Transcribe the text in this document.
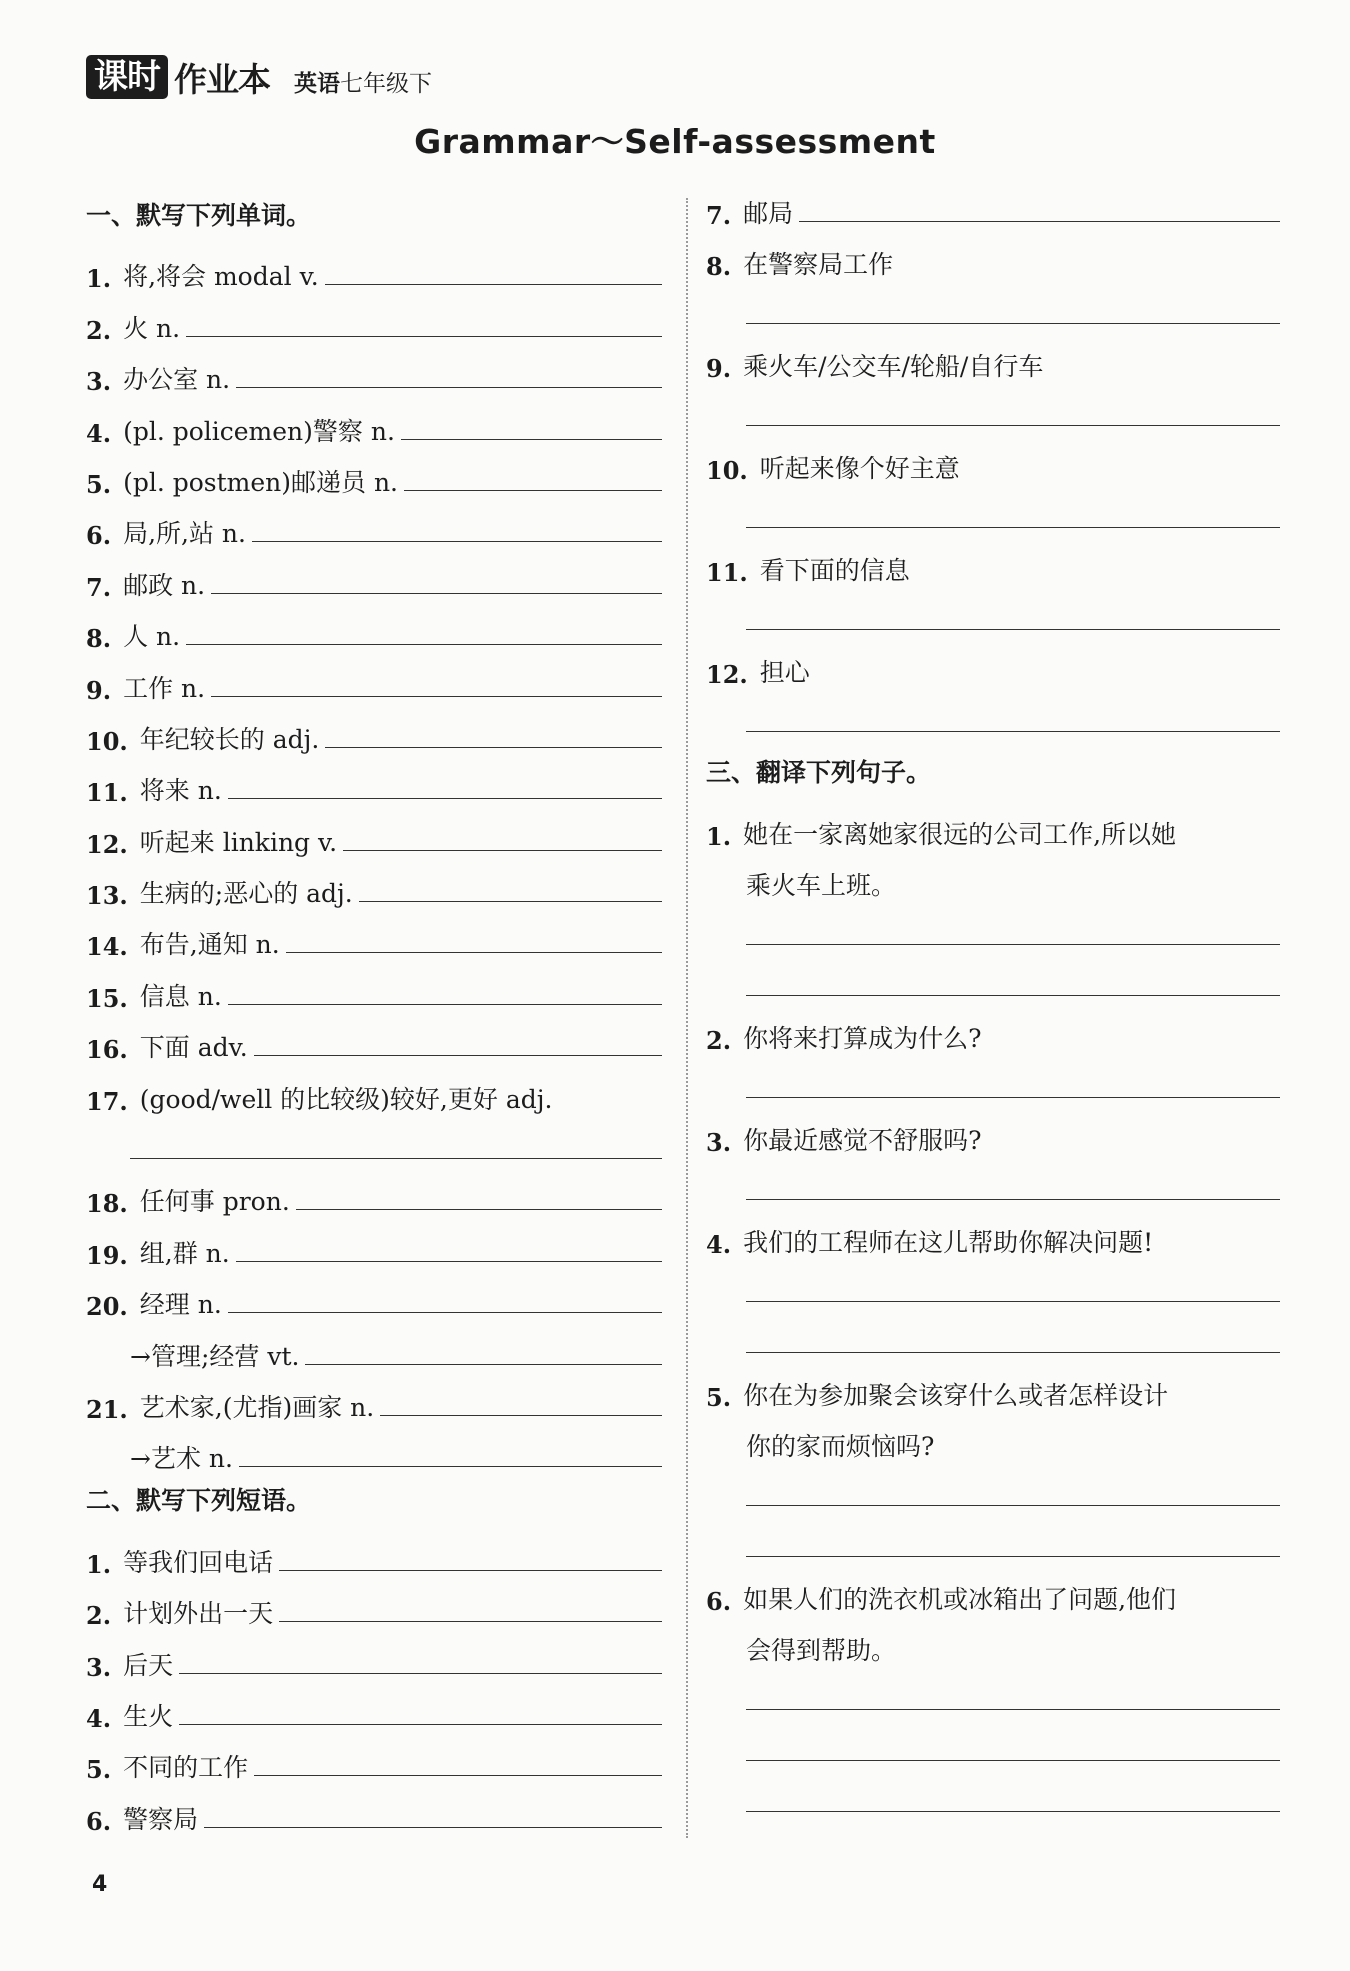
课时 作业本 英语七年级下
Grammar～Self-assessment
一、默写下列单词。
1. 将,将会 modal v.
2. 火 n.
3. 办公室 n.
4. (pl. policemen)警察 n.
5. (pl. postmen)邮递员 n.
6. 局,所,站 n.
7. 邮政 n.
8. 人 n.
9. 工作 n.
10. 年纪较长的 adj.
11. 将来 n.
12. 听起来 linking v.
13. 生病的;恶心的 adj.
14. 布告,通知 n.
15. 信息 n.
16. 下面 adv.
17. (good/well 的比较级)较好,更好 adj.
18. 任何事 pron.
19. 组,群 n.
20. 经理 n.
→管理;经营 vt.
21. 艺术家,(尤指)画家 n.
→艺术 n.
二、默写下列短语。
1. 等我们回电话
2. 计划外出一天
3. 后天
4. 生火
5. 不同的工作
6. 警察局
7. 邮局
8. 在警察局工作
9. 乘火车/公交车/轮船/自行车
10. 听起来像个好主意
11. 看下面的信息
12. 担心
三、翻译下列句子。
1. 她在一家离她家很远的公司工作,所以她
乘火车上班。
2. 你将来打算成为什么?
3. 你最近感觉不舒服吗?
4. 我们的工程师在这儿帮助你解决问题!
5. 你在为参加聚会该穿什么或者怎样设计
你的家而烦恼吗?
6. 如果人们的洗衣机或冰箱出了问题,他们
会得到帮助。
4
